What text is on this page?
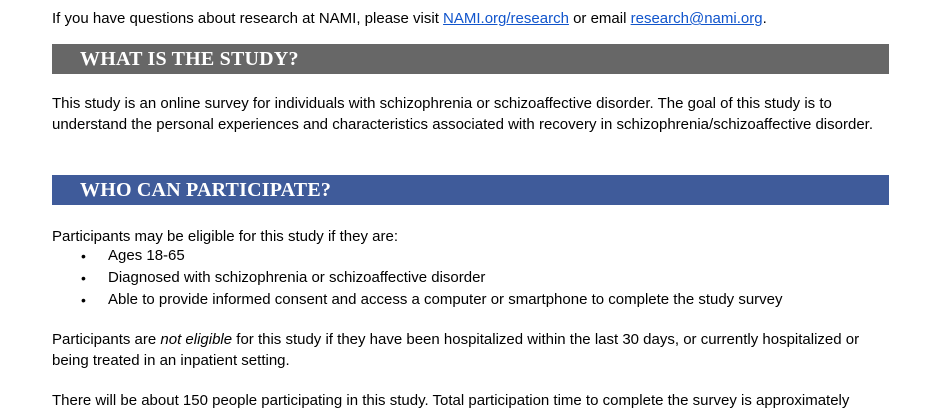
If you have questions about research at NAMI, please visit NAMI.org/research or email research@nami.org.
WHAT IS THE STUDY?
This study is an online survey for individuals with schizophrenia or schizoaffective disorder. The goal of this study is to understand the personal experiences and characteristics associated with recovery in schizophrenia/schizoaffective disorder.
WHO CAN PARTICIPATE?
Participants may be eligible for this study if they are:
• Ages 18-65
• Diagnosed with schizophrenia or schizoaffective disorder
• Able to provide informed consent and access a computer or smartphone to complete the study survey
Participants are not eligible for this study if they have been hospitalized within the last 30 days, or currently hospitalized or being treated in an inpatient setting.
There will be about 150 people participating in this study. Total participation time to complete the survey is approximately
